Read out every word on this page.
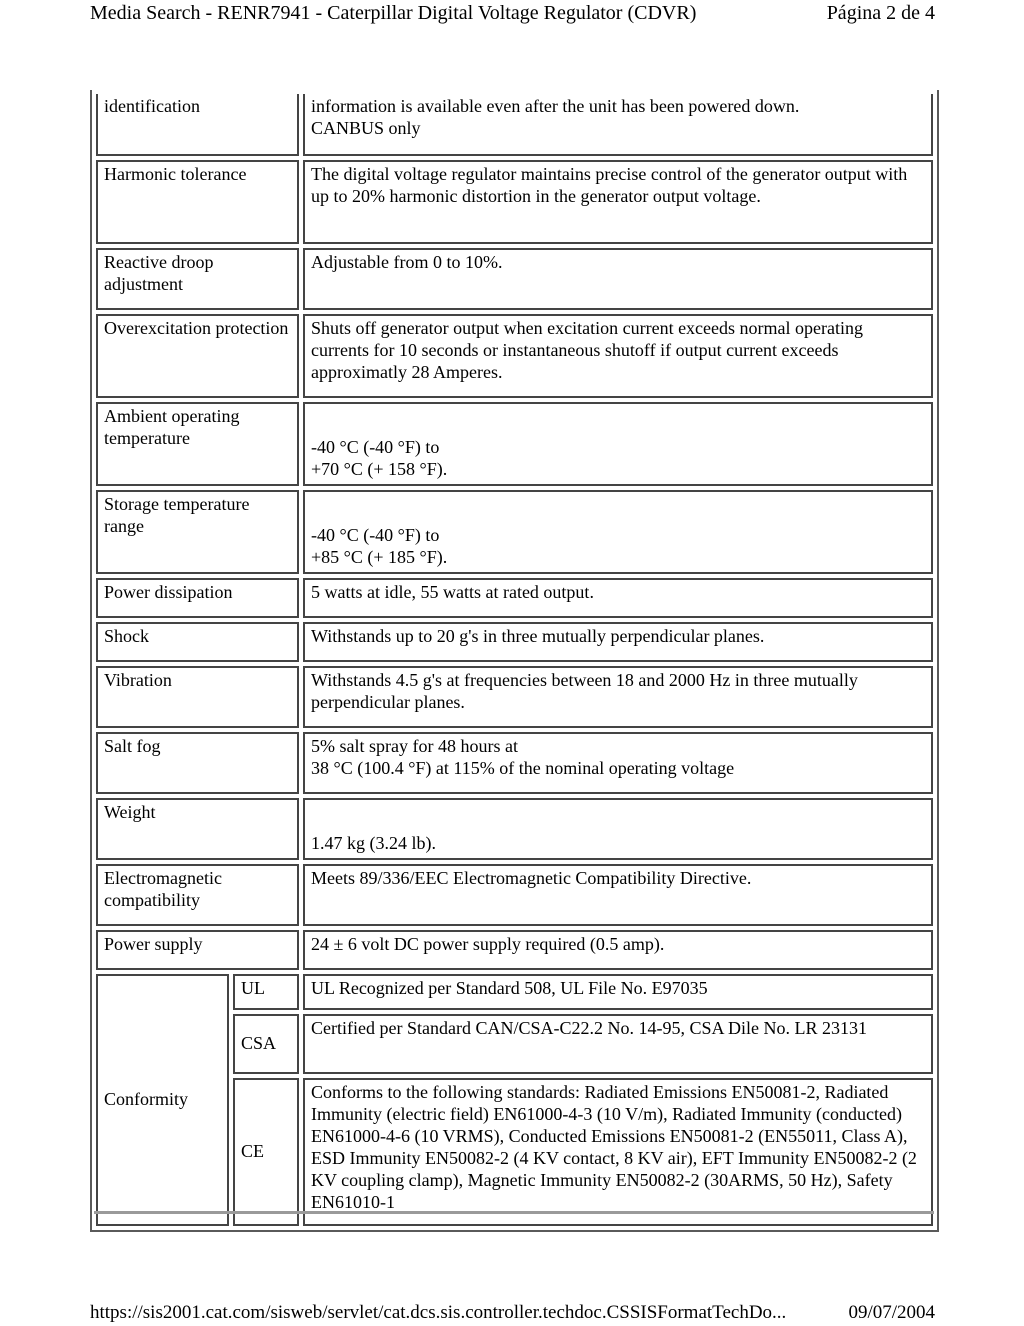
Media Search - RENR7941 - Caterpillar Digital Voltage Regulator (CDVR)	Página 2 de 4
identification		information is available even after the unit has been powered down.
CANBUS only

Harmonic tolerance		The digital voltage regulator maintains precise control of the generator output with up to 20% harmonic distortion in the generator output voltage.
Reactive droop adjustment		Adjustable from 0 to 10%.
Overexcitation protection		Shuts off generator output when excitation current exceeds normal operating currents for 10 seconds or instantaneous shutoff if output current exceeds approximatly 28 Amperes.
Ambient operating temperature		-40 °C (-40 °F) to
+70 °C (+ 158 °F).

Storage temperature range		-40 °C (-40 °F) to
+85 °C (+ 185 °F).

Power dissipation		5 watts at idle, 55 watts at rated output.
Shock		Withstands up to 20 g's in three mutually perpendicular planes.
Vibration		Withstands 4.5 g's at frequencies between 18 and 2000 Hz in three mutually perpendicular planes.
Salt fog		5% salt spray for 48 hours at
38 °C (100.4 °F) at 115% of the nominal operating voltage

Weight		1.47 kg (3.24 lb).
Electromagnetic compatibility		Meets 89/336/EEC Electromagnetic Compatibility Directive.
Power supply		24 ± 6 volt DC power supply required (0.5 amp).
Conformity	UL	UL Recognized per Standard 508, UL File No. E97035
	CSA	Certified per Standard CAN/CSA-C22.2 No. 14-95, CSA Dile No. LR 23131
	CE	Conforms to the following standards: Radiated Emissions EN50081-2, Radiated Immunity (electric field) EN61000-4-3 (10 V/m), Radiated Immunity (conducted) EN61000-4-6 (10 VRMS), Conducted Emissions EN50081-2 (EN55011, Class A), ESD Immunity EN50082-2 (4 KV contact, 8 KV air), EFT Immunity EN50082-2 (2 KV coupling clamp), Magnetic Immunity EN50082-2 (30ARMS, 50 Hz), Safety EN61010-1
https://sis2001.cat.com/sisweb/servlet/cat.dcs.sis.controller.techdoc.CSSISFormatTechDo...	09/07/2004
